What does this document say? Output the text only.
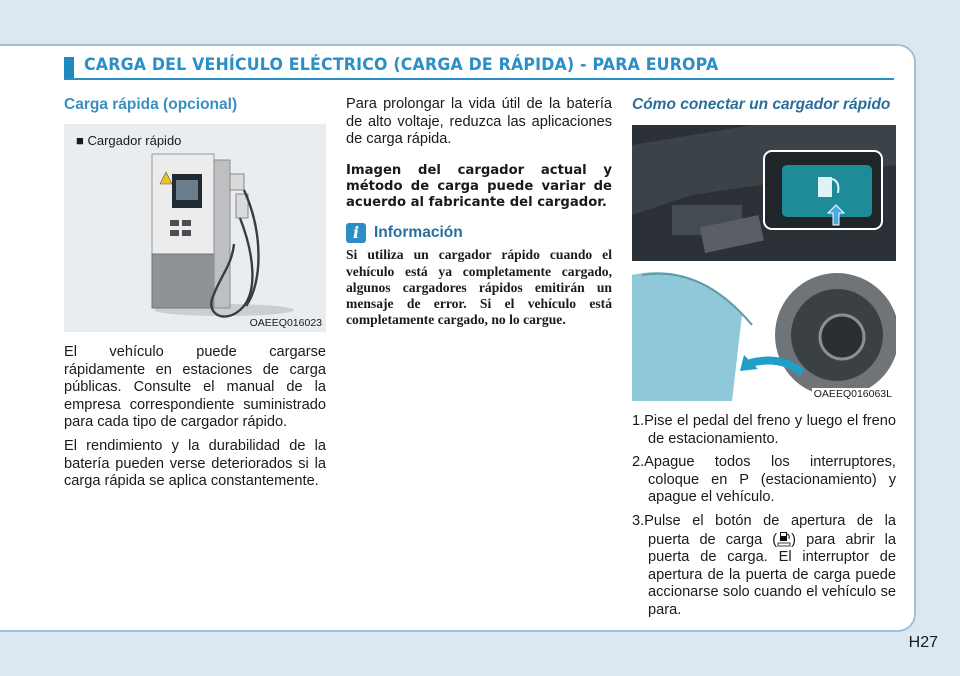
CARGA DEL VEHÍCULO ELÉCTRICO (CARGA DE RÁPIDA) - PARA EUROPA
Carga rápida (opcional)
■ Cargador rápido
OAEEQ016023

El vehículo puede cargarse rápidamente en estaciones de carga públicas. Consulte el manual de la empresa correspondiente suministrado para cada tipo de cargador rápido.

El rendimiento y la durabilidad de la batería pueden verse deteriorados si la carga rápida se aplica constantemente.

Para prolongar la vida útil de la batería de alto voltaje, reduzca las aplicaciones de carga rápida.

Imagen del cargador actual y método de carga puede variar de acuerdo al fabricante del cargador.

i Información

Si utiliza un cargador rápido cuando el vehículo está ya completamente cargado, algunos cargadores rápidos emitirán un mensaje de error. Si el vehículo está completamente cargado, no lo cargue.

Cómo conectar un cargador rápido
OAEEQ016063L
1.Pise el pedal del freno y luego el freno de estacionamiento.
2.Apague todos los interruptores, coloque en P (estacionamiento) y apague el vehículo.
3.Pulse el botón de apertura de la puerta de carga ( ) para abrir la puerta de carga. El interruptor de apertura de la puerta de carga puede accionarse solo cuando el vehículo se para.
H27
